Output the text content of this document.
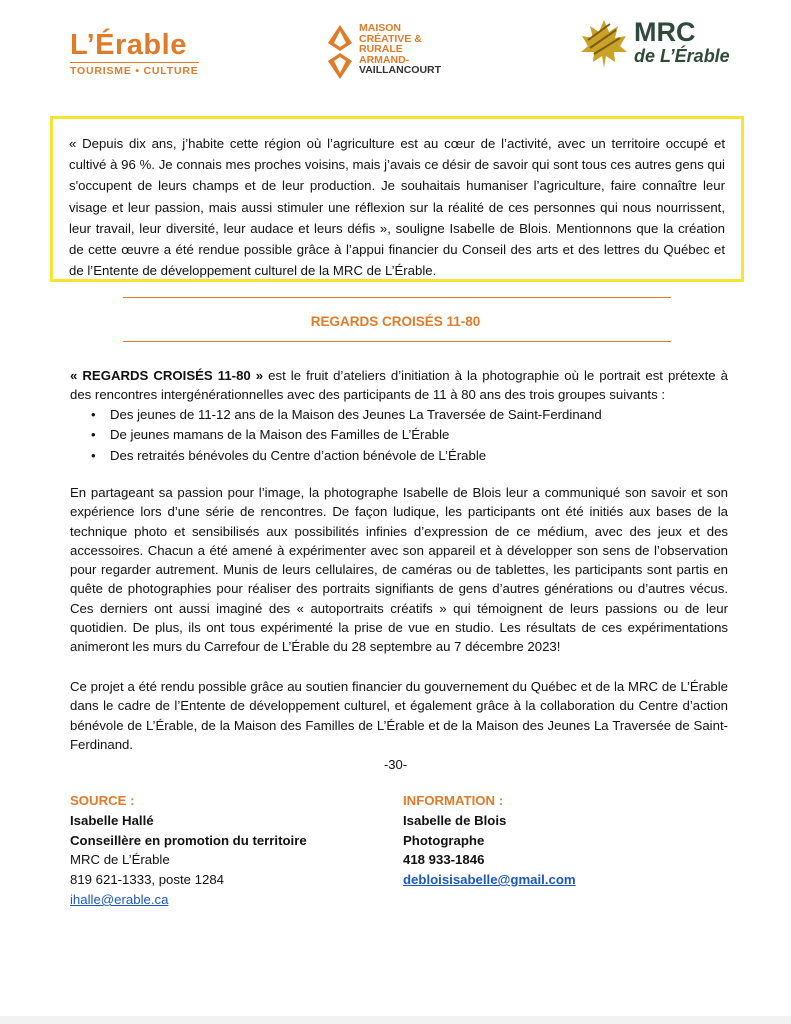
L’Érable
TOURISME • CULTURE
MAISON
CRÉATIVE &
RURALE
ARMAND-
VAILLANCOURT
MRC
de L’Érable

« Depuis dix ans, j’habite cette région où l’agriculture est au cœur de l’activité, avec un territoire occupé et cultivé à 96 %. Je connais mes proches voisins, mais j’avais ce désir de savoir qui sont tous ces autres gens qui s'occupent de leurs champs et de leur production. Je souhaitais humaniser l’agriculture, faire connaître leur visage et leur passion, mais aussi stimuler une réflexion sur la réalité de ces personnes qui nous nourrissent, leur travail, leur diversité, leur audace et leurs défis », souligne Isabelle de Blois. Mentionnons que la création de cette œuvre a été rendue possible grâce à l’appui financier du Conseil des arts et des lettres du Québec et de l’Entente de développement culturel de la MRC de L’Érable.

REGARDS CROISÉS 11-80

« REGARDS CROISÉS 11-80 » est le fruit d’ateliers d’initiation à la photographie où le portrait est prétexte à des rencontres intergénérationnelles avec des participants de 11 à 80 ans des trois groupes suivants :

• Des jeunes de 11-12 ans de la Maison des Jeunes La Traversée de Saint-Ferdinand
• De jeunes mamans de la Maison des Familles de L’Érable
• Des retraités bénévoles du Centre d’action bénévole de L’Érable

En partageant sa passion pour l’image, la photographe Isabelle de Blois leur a communiqué son savoir et son expérience lors d’une série de rencontres. De façon ludique, les participants ont été initiés aux bases de la technique photo et sensibilisés aux possibilités infinies d’expression de ce médium, avec des jeux et des accessoires. Chacun a été amené à expérimenter avec son appareil et à développer son sens de l’observation pour regarder autrement. Munis de leurs cellulaires, de caméras ou de tablettes, les participants sont partis en quête de photographies pour réaliser des portraits signifiants de gens d’autres générations ou d’autres vécus. Ces derniers ont aussi imaginé des « autoportraits créatifs » qui témoignent de leurs passions ou de leur quotidien. De plus, ils ont tous expérimenté la prise de vue en studio. Les résultats de ces expérimentations animeront les murs du Carrefour de L’Érable du 28 septembre au 7 décembre 2023!

Ce projet a été rendu possible grâce au soutien financier du gouvernement du Québec et de la MRC de L’Érable dans le cadre de l’Entente de développement culturel, et également grâce à la collaboration du Centre d’action bénévole de L’Érable, de la Maison des Familles de L’Érable et de la Maison des Jeunes La Traversée de Saint-Ferdinand.

-30-
SOURCE :
Isabelle Hallé
Conseillère en promotion du territoire
MRC de L’Érable
819 621-1333, poste 1284
ihalle@erable.ca
INFORMATION :
Isabelle de Blois
Photographe
418 933-1846
debloisisabelle@gmail.com
